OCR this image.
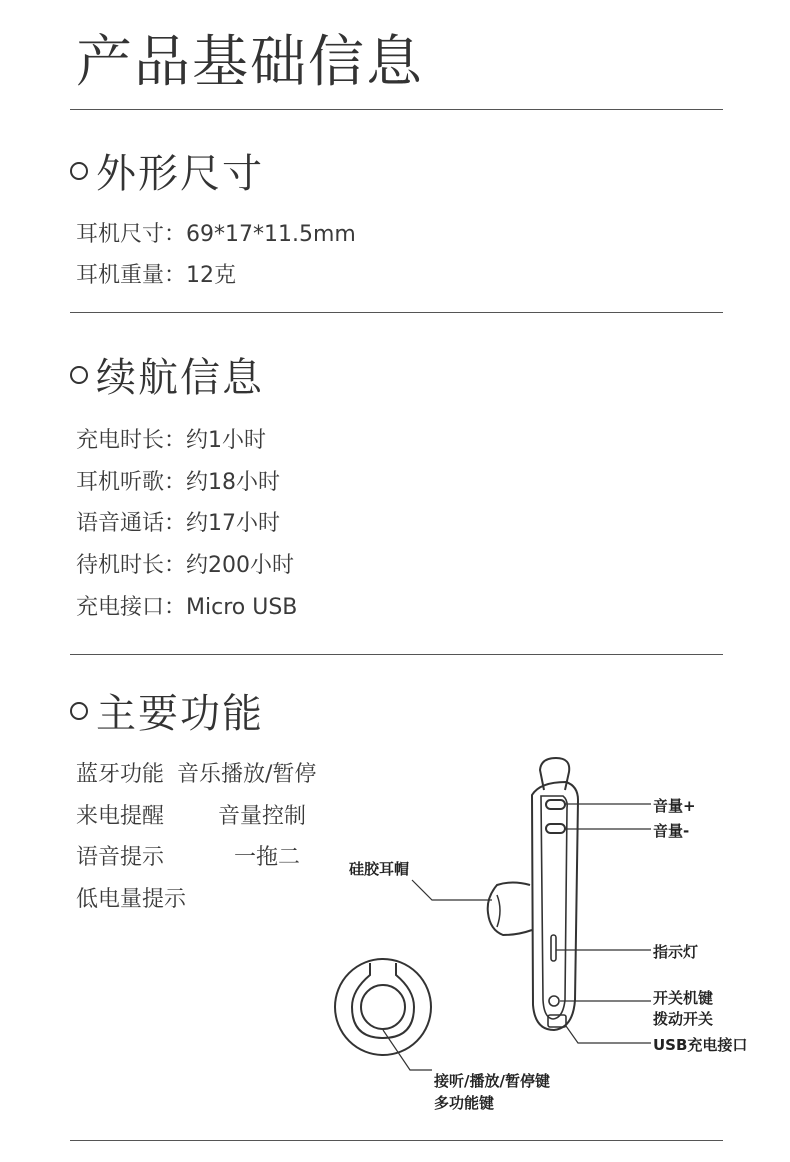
产品基础信息
外形尺寸
耳机尺寸：69*17*11.5mm
耳机重量：12克
续航信息
充电时长：约1小时
耳机听歌：约18小时
语音通话：约17小时
待机时长：约200小时
充电接口：Micro USB
主要功能
蓝牙功能 音乐播放/暂停
来电提醒 音量控制
语音提示	一拖二
低电量提示
音量+
音量-
硅胶耳帽
指示灯
开关机键
拨动开关
USB充电接口
接听/播放/暂停键
多功能键
